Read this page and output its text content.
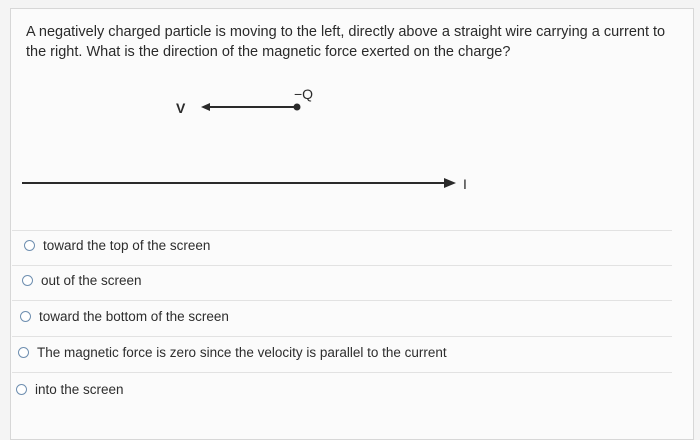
A negatively charged particle is moving to the left, directly above a straight wire carrying a current to the right. What is the direction of the magnetic force exerted on the charge?
V
−Q
I
toward the top of the screen
out of the screen
toward the bottom of the screen
The magnetic force is zero since the velocity is parallel to the current
into the screen
